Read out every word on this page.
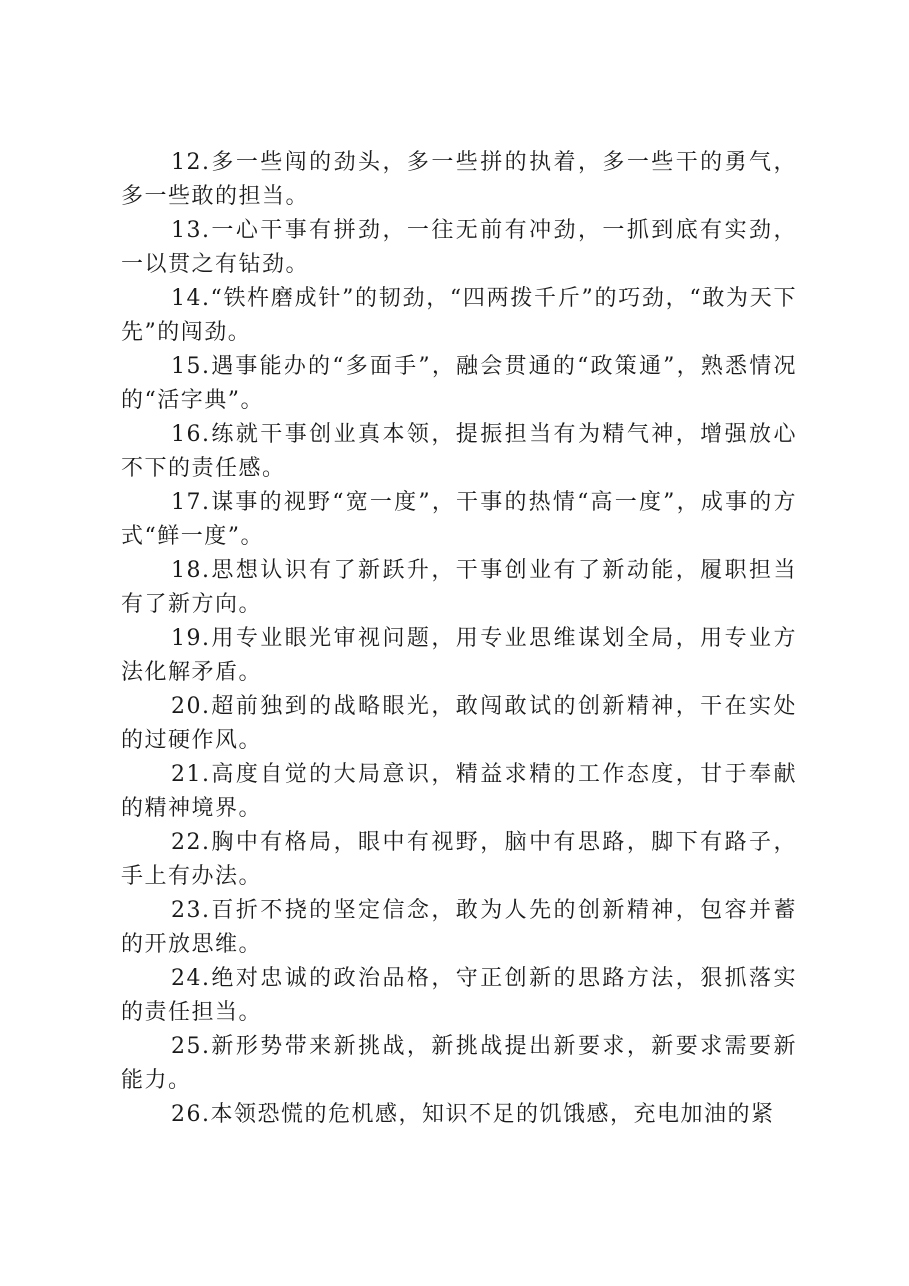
12.多一些闯的劲头，多一些拼的执着，多一些干的勇气，多一些敢的担当。

13.一心干事有拼劲，一往无前有冲劲，一抓到底有实劲，一以贯之有钻劲。

14.“铁杵磨成针”的韧劲，“四两拨千斤”的巧劲，“敢为天下先”的闯劲。

15.遇事能办的“多面手”，融会贯通的“政策通”，熟悉情况的“活字典”。

16.练就干事创业真本领，提振担当有为精气神，增强放心不下的责任感。

17.谋事的视野“宽一度”，干事的热情“高一度”，成事的方式“鲜一度”。

18.思想认识有了新跃升，干事创业有了新动能，履职担当有了新方向。

19.用专业眼光审视问题，用专业思维谋划全局，用专业方法化解矛盾。

20.超前独到的战略眼光，敢闯敢试的创新精神，干在实处的过硬作风。

21.高度自觉的大局意识，精益求精的工作态度，甘于奉献的精神境界。

22.胸中有格局，眼中有视野，脑中有思路，脚下有路子，手上有办法。

23.百折不挠的坚定信念，敢为人先的创新精神，包容并蓄的开放思维。

24.绝对忠诚的政治品格，守正创新的思路方法，狠抓落实的责任担当。

25.新形势带来新挑战，新挑战提出新要求，新要求需要新能力。

26.本领恐慌的危机感，知识不足的饥饿感，充电加油的紧
